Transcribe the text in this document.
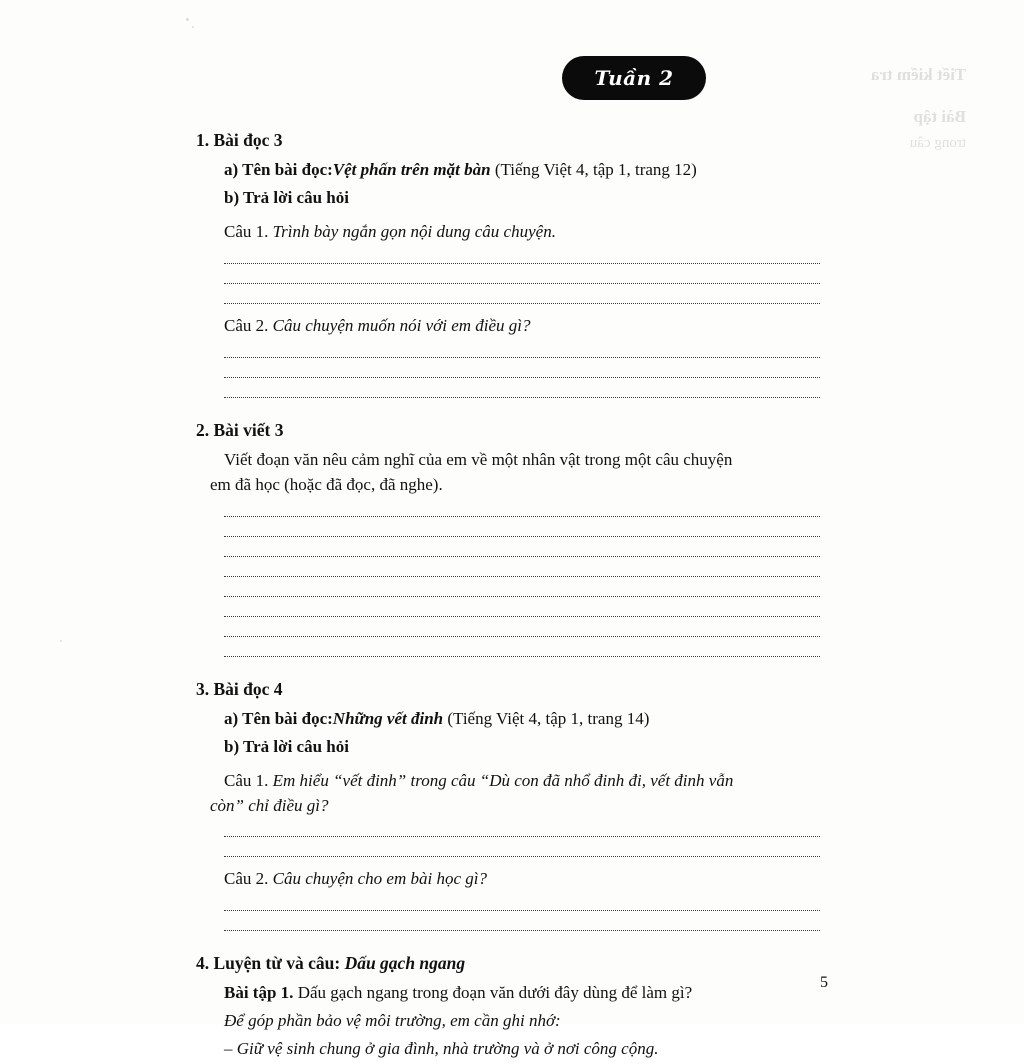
Tiết kiểm tra
Bài tập
trong câu
Tuần 2
1. Bài đọc 3
a) Tên bài đọc:Vệt phấn trên mặt bàn (Tiếng Việt 4, tập 1, trang 12)
b) Trả lời câu hỏi
Câu 1. Trình bày ngắn gọn nội dung câu chuyện.
Câu 2. Câu chuyện muốn nói với em điều gì?
2. Bài viết 3
Viết đoạn văn nêu cảm nghĩ của em về một nhân vật trong một câu chuyện
em đã học (hoặc đã đọc, đã nghe).
3. Bài đọc 4
a) Tên bài đọc:Những vết đinh (Tiếng Việt 4, tập 1, trang 14)
b) Trả lời câu hỏi
Câu 1. Em hiểu “vết đinh” trong câu “Dù con đã nhổ đinh đi, vết đinh vẫn
còn” chỉ điều gì?
Câu 2. Câu chuyện cho em bài học gì?
4. Luyện từ và câu: Dấu gạch ngang
Bài tập 1. Dấu gạch ngang trong đoạn văn dưới đây dùng để làm gì?
Để góp phần bảo vệ môi trường, em cần ghi nhớ:
– Giữ vệ sinh chung ở gia đình, nhà trường và ở nơi công cộng.
5
